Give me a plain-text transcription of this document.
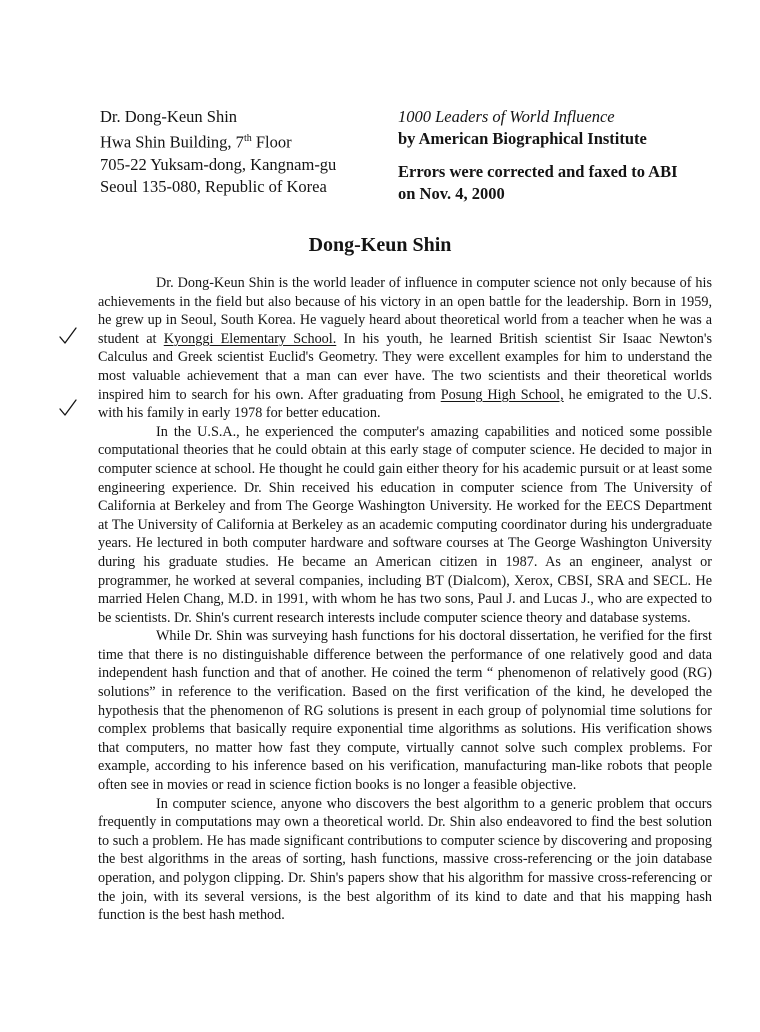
Dr. Dong-Keun Shin
Hwa Shin Building, 7th Floor
705-22 Yuksam-dong, Kangnam-gu
Seoul 135-080, Republic of Korea
1000 Leaders of World Influence
by American Biographical Institute
Errors were corrected and faxed to ABI
on Nov. 4, 2000
Dong-Keun Shin

Dr. Dong-Keun Shin is the world leader of influence in computer science not only because of his achievements in the field but also because of his victory in an open battle for the leadership. Born in 1959, he grew up in Seoul, South Korea. He vaguely heard about theoretical world from a teacher when he was a student at Kyonggi Elementary School. In his youth, he learned British scientist Sir Isaac Newton's Calculus and Greek scientist Euclid's Geometry. They were excellent examples for him to understand the most valuable achievement that a man can ever have. The two scientists and their theoretical worlds inspired him to search for his own. After graduating from Posung High School, he emigrated to the U.S. with his family in early 1978 for better education.

In the U.S.A., he experienced the computer's amazing capabilities and noticed some possible computational theories that he could obtain at this early stage of computer science. He decided to major in computer science at school. He thought he could gain either theory for his academic pursuit or at least some engineering experience. Dr. Shin received his education in computer science from The University of California at Berkeley and from The George Washington University. He worked for the EECS Department at The University of California at Berkeley as an academic computing coordinator during his undergraduate years. He lectured in both computer hardware and software courses at The George Washington University during his graduate studies. He became an American citizen in 1987. As an engineer, analyst or programmer, he worked at several companies, including BT (Dialcom), Xerox, CBSI, SRA and SECL. He married Helen Chang, M.D. in 1991, with whom he has two sons, Paul J. and Lucas J., who are expected to be scientists. Dr. Shin's current research interests include computer science theory and database systems.

While Dr. Shin was surveying hash functions for his doctoral dissertation, he verified for the first time that there is no distinguishable difference between the performance of one relatively good and data independent hash function and that of another. He coined the term “ phenomenon of relatively good (RG) solutions” in reference to the verification. Based on the first verification of the kind, he developed the hypothesis that the phenomenon of RG solutions is present in each group of polynomial time solutions for complex problems that basically require exponential time algorithms as solutions. His verification shows that computers, no matter how fast they compute, virtually cannot solve such complex problems. For example, according to his inference based on his verification, manufacturing man-like robots that people often see in movies or read in science fiction books is no longer a feasible objective.

In computer science, anyone who discovers the best algorithm to a generic problem that occurs frequently in computations may own a theoretical world. Dr. Shin also endeavored to find the best solution to such a problem. He has made significant contributions to computer science by discovering and proposing the best algorithms in the areas of sorting, hash functions, massive cross-referencing or the join database operation, and polygon clipping. Dr. Shin's papers show that his algorithm for massive cross-referencing or the join, with its several versions, is the best algorithm of its kind to date and that his mapping hash function is the best hash method.
